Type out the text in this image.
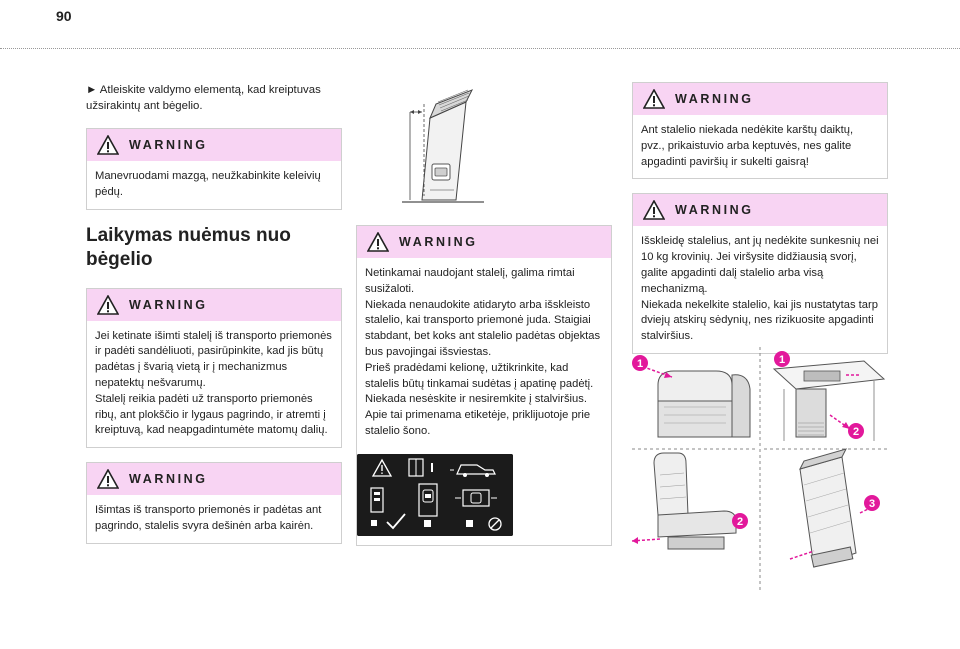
90

► Atleiskite valdymo elementą, kad kreiptuvas užsirakintų ant bėgelio.

WARNING
Manevruodami mazgą, neužkabinkite keleivių pėdų.
Laikymas nuėmus nuo
bėgelio
WARNING
Jei ketinate išimti stalelį iš transporto priemonės ir padėti sandėliuoti, pasirūpinkite, kad jis būtų padėtas į švarią vietą ir į mechanizmus nepatektų nešvarumų.
Stalelį reikia padėti už transporto priemonės ribų, ant plokščio ir lygaus pagrindo, ir atremti į kreiptuvą, kad neapgadintumėte matomų dalių.
WARNING
Išimtas iš transporto priemonės ir padėtas ant pagrindo, stalelis svyra dešinėn arba kairėn.
WARNING
Netinkamai naudojant stalelį, galima rimtai susižaloti.
Niekada nenaudokite atidaryto arba išskleisto stalelio, kai transporto priemonė juda. Staigiai stabdant, bet koks ant stalelio padėtas objektas bus pavojingai išsviestas.
Prieš pradėdami kelionę, užtikrinkite, kad stalelis būtų tinkamai sudėtas į apatinę padėtį. Niekada nesėskite ir nesiremkite į stalviršius.
Apie tai primenama etiketėje, priklijuotoje prie stalelio šono.
WARNING
Ant stalelio niekada nedėkite karštų daiktų, pvz., prikaistuvio arba keptuvės, nes galite apgadinti paviršių ir sukelti gaisrą!
WARNING
Išskleidę stalelius, ant jų nedėkite sunkesnių nei 10 kg krovinių. Jei viršysite didžiausią svorį, galite apgadinti dalį stalelio arba visą mechanizmą.
Niekada nekelkite stalelio, kai jis nustatytas tarp dviejų atskirų sėdynių, nes rizikuosite apgadinti stalviršius.
1	1
2
2
3
